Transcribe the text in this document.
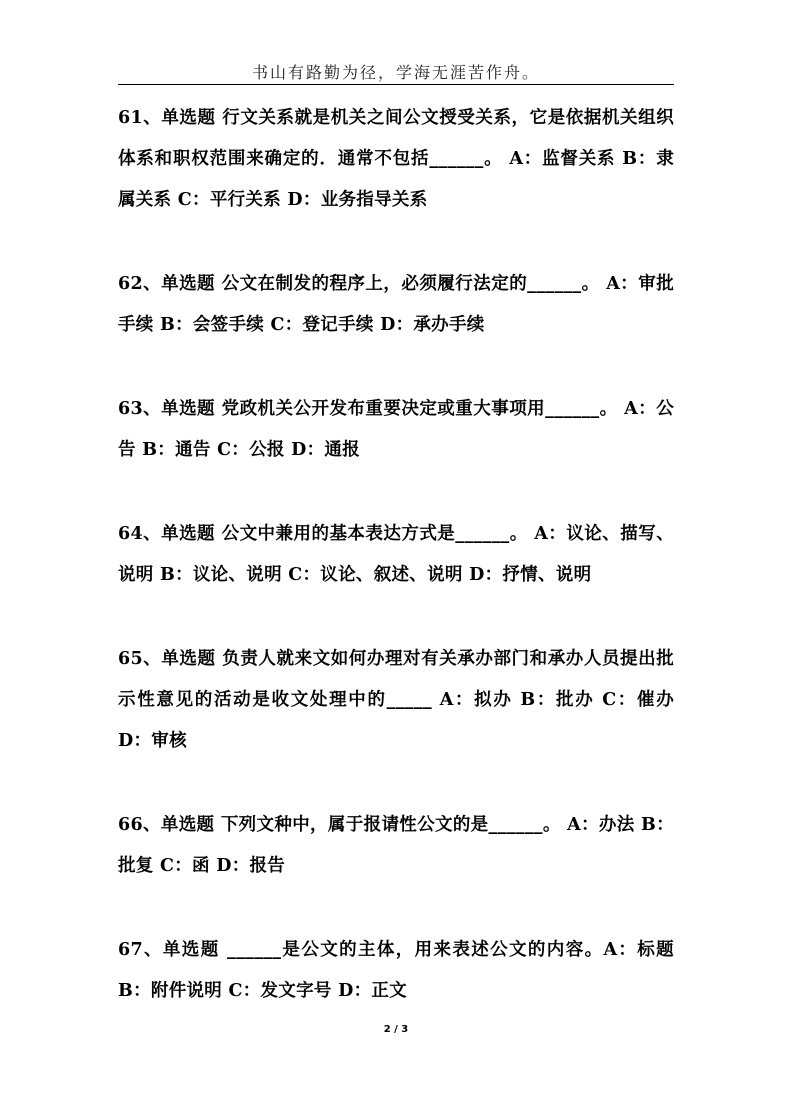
书山有路勤为径，学海无涯苦作舟。

61、单选题 行文关系就是机关之间公文授受关系，它是依据机关组织体系和职权范围来确定的．通常不包括______。 A：监督关系 B：隶属关系 C：平行关系 D：业务指导关系

62、单选题 公文在制发的程序上，必须履行法定的______。 A：审批手续 B：会签手续 C：登记手续 D：承办手续

63、单选题 党政机关公开发布重要决定或重大事项用______。 A：公告 B：通告 C：公报 D：通报

64、单选题 公文中兼用的基本表达方式是______。 A：议论、描写、说明 B：议论、说明 C：议论、叙述、说明 D：抒情、说明

65、单选题 负责人就来文如何办理对有关承办部门和承办人员提出批示性意见的活动是收文处理中的_____ A：拟办 B：批办 C：催办 D：审核

66、单选题 下列文种中，属于报请性公文的是______。 A：办法 B：批复 C：函 D：报告

67、单选题 ______是公文的主体，用来表述公文的内容。A：标题 B：附件说明 C：发文字号 D：正文

2 / 3
